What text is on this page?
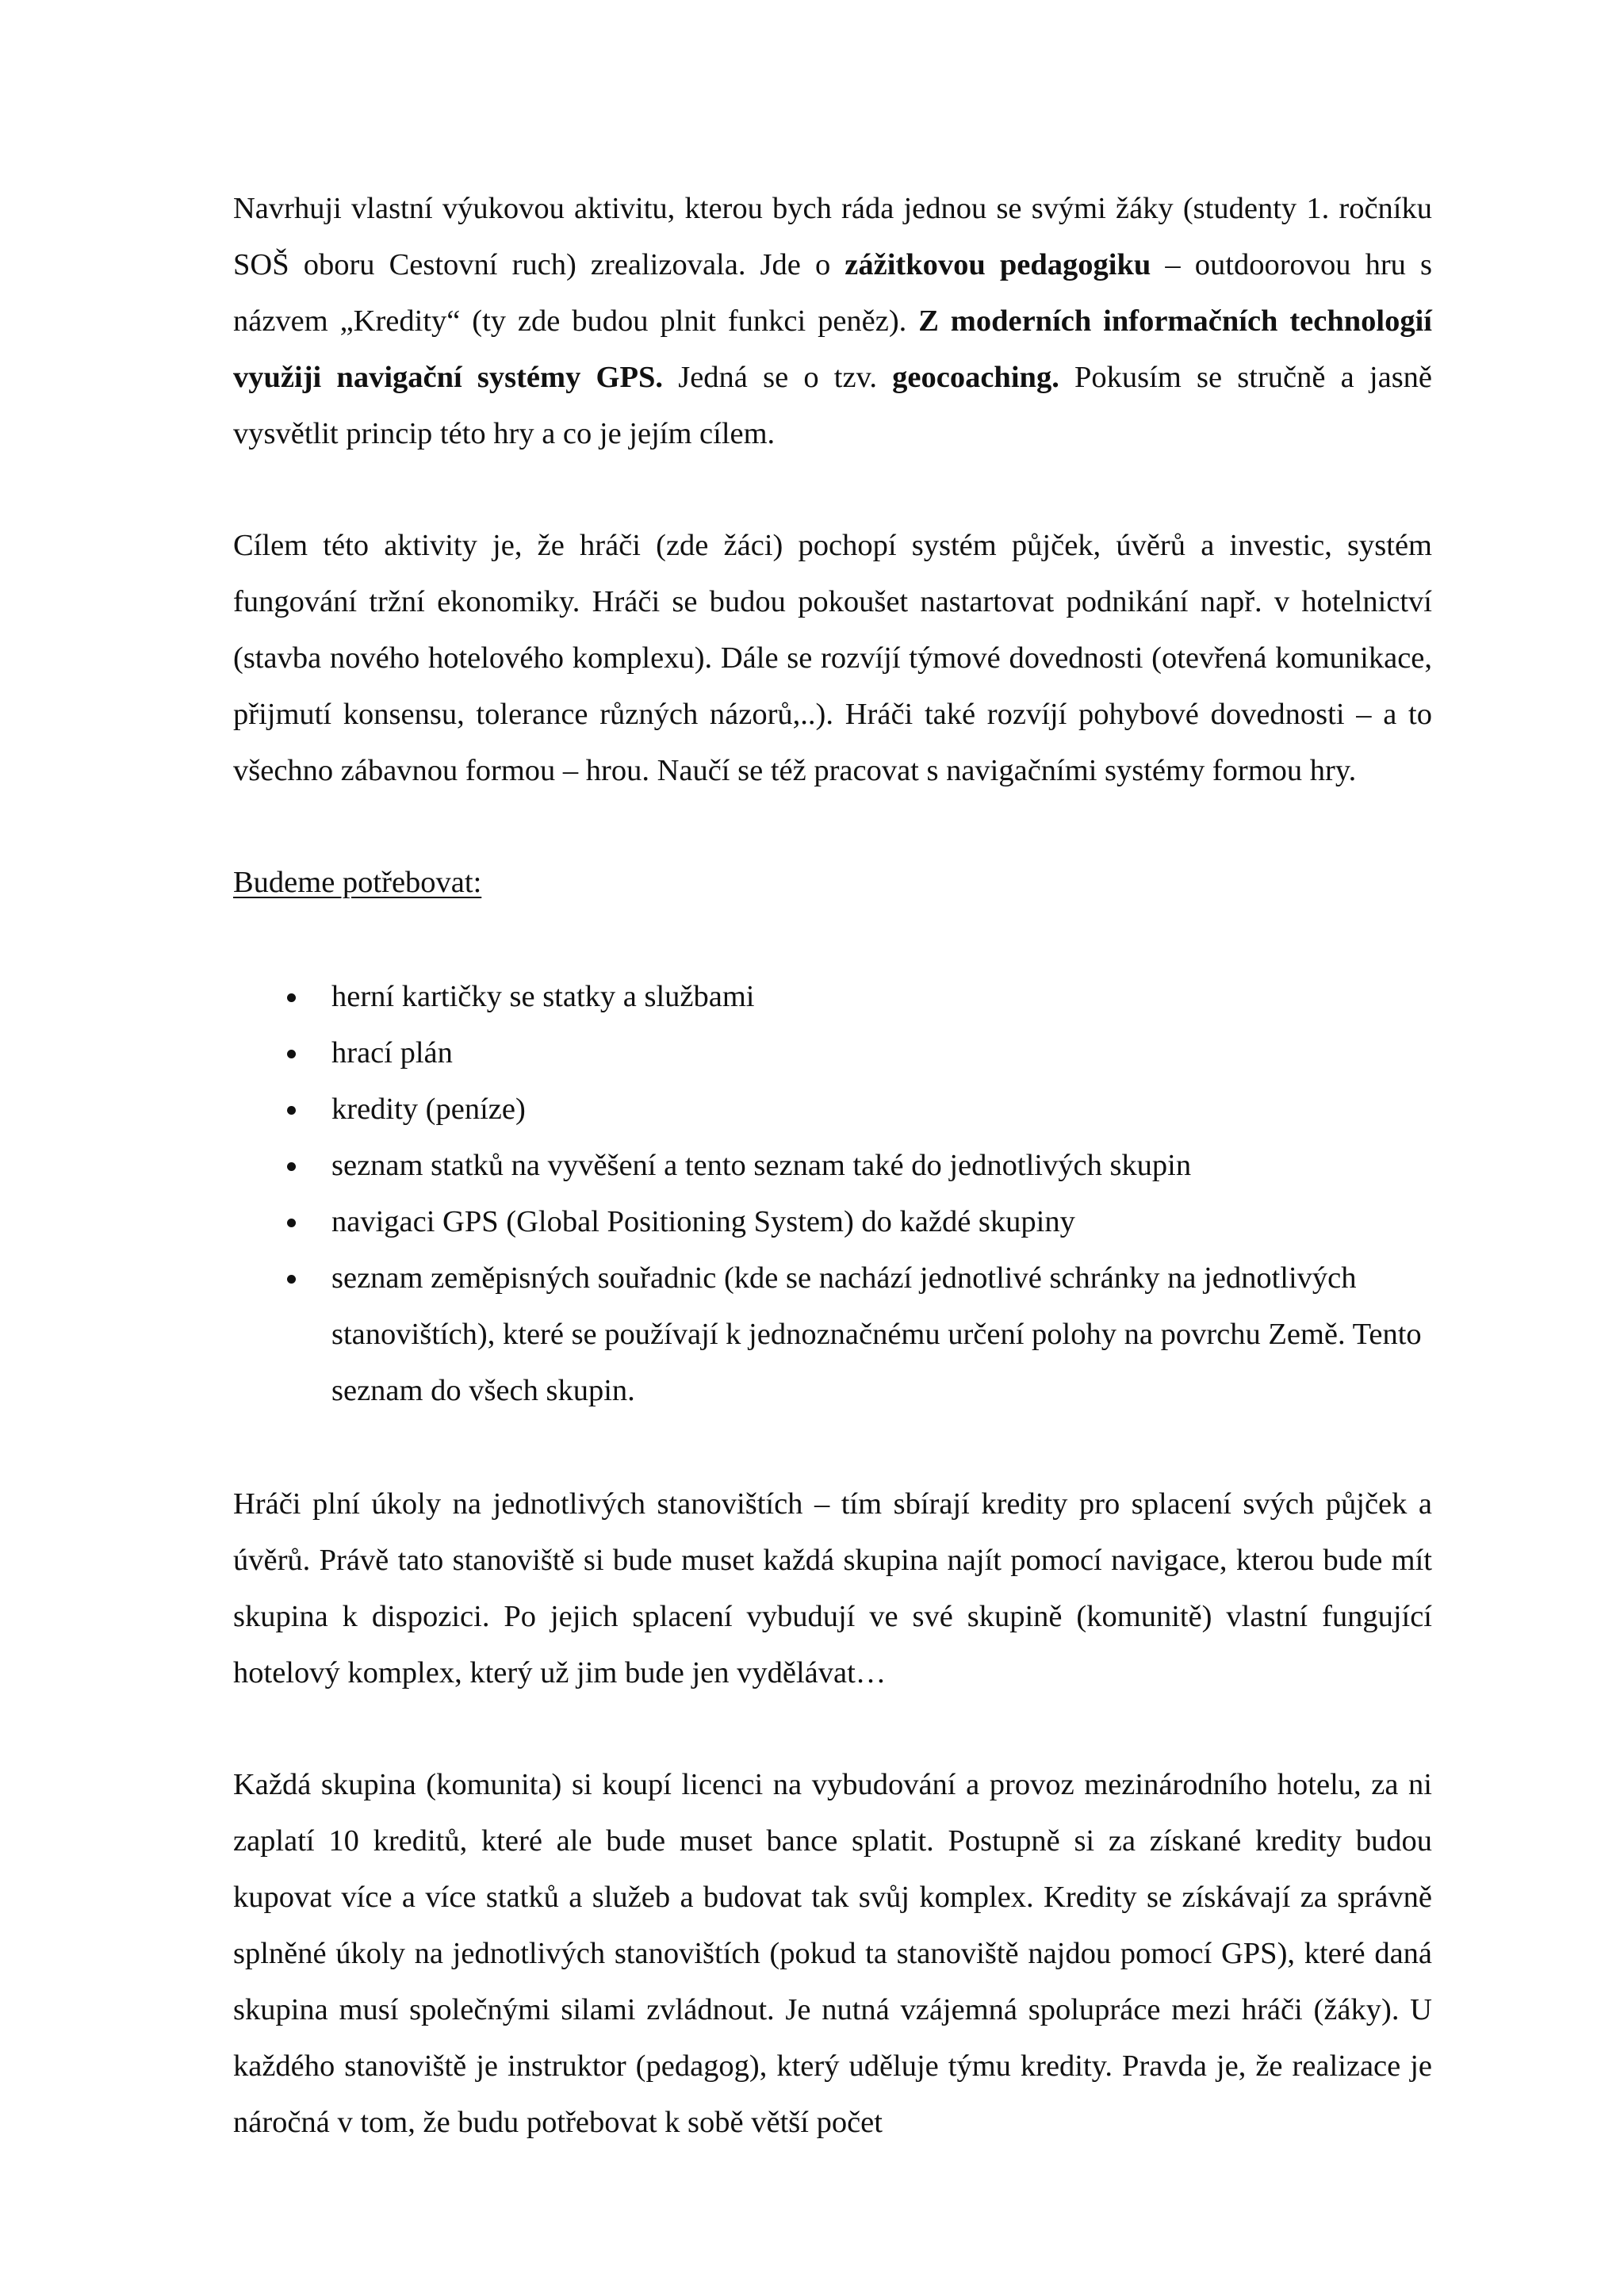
Navrhuji vlastní výukovou aktivitu, kterou bych ráda jednou se svými žáky (studenty 1. ročníku SOŠ oboru Cestovní ruch) zrealizovala. Jde o zážitkovou pedagogiku – outdoorovou hru s názvem „Kredity“ (ty zde budou plnit funkci peněz). Z moderních informačních technologií využiji navigační systémy GPS. Jedná se o tzv. geocoaching. Pokusím se stručně a jasně vysvětlit princip této hry a co je jejím cílem.

Cílem této aktivity je, že hráči (zde žáci) pochopí systém půjček, úvěrů a investic, systém fungování tržní ekonomiky. Hráči se budou pokoušet nastartovat podnikání např. v hotelnictví (stavba nového hotelového komplexu). Dále se rozvíjí týmové dovednosti (otevřená komunikace, přijmutí konsensu, tolerance různých názorů,..). Hráči také rozvíjí pohybové dovednosti – a to všechno zábavnou formou – hrou. Naučí se též pracovat s navigačními systémy formou hry.

Budeme potřebovat:

herní kartičky se statky a službami
hrací plán
kredity (peníze)
seznam statků na vyvěšení a tento seznam také do jednotlivých skupin
navigaci GPS (Global Positioning System) do každé skupiny
seznam zeměpisných souřadnic (kde se nachází jednotlivé schránky na jednotlivých stanovištích), které se používají k jednoznačnému určení polohy na povrchu Země. Tento seznam do všech skupin.

Hráči plní úkoly na jednotlivých stanovištích – tím sbírají kredity pro splacení svých půjček a úvěrů. Právě tato stanoviště si bude muset každá skupina najít pomocí navigace, kterou bude mít skupina k dispozici. Po jejich splacení vybudují ve své skupině (komunitě) vlastní fungující hotelový komplex, který už jim bude jen vydělávat…

Každá skupina (komunita) si koupí licenci na vybudování a provoz mezinárodního hotelu, za ni zaplatí 10 kreditů, které ale bude muset bance splatit. Postupně si za získané kredity budou kupovat více a více statků a služeb a budovat tak svůj komplex. Kredity se získávají za správně splněné úkoly na jednotlivých stanovištích (pokud ta stanoviště najdou pomocí GPS), které daná skupina musí společnými silami zvládnout. Je nutná vzájemná spolupráce mezi hráči (žáky). U každého stanoviště je instruktor (pedagog), který uděluje týmu kredity. Pravda je, že realizace je náročná v tom, že budu potřebovat k sobě větší počet
